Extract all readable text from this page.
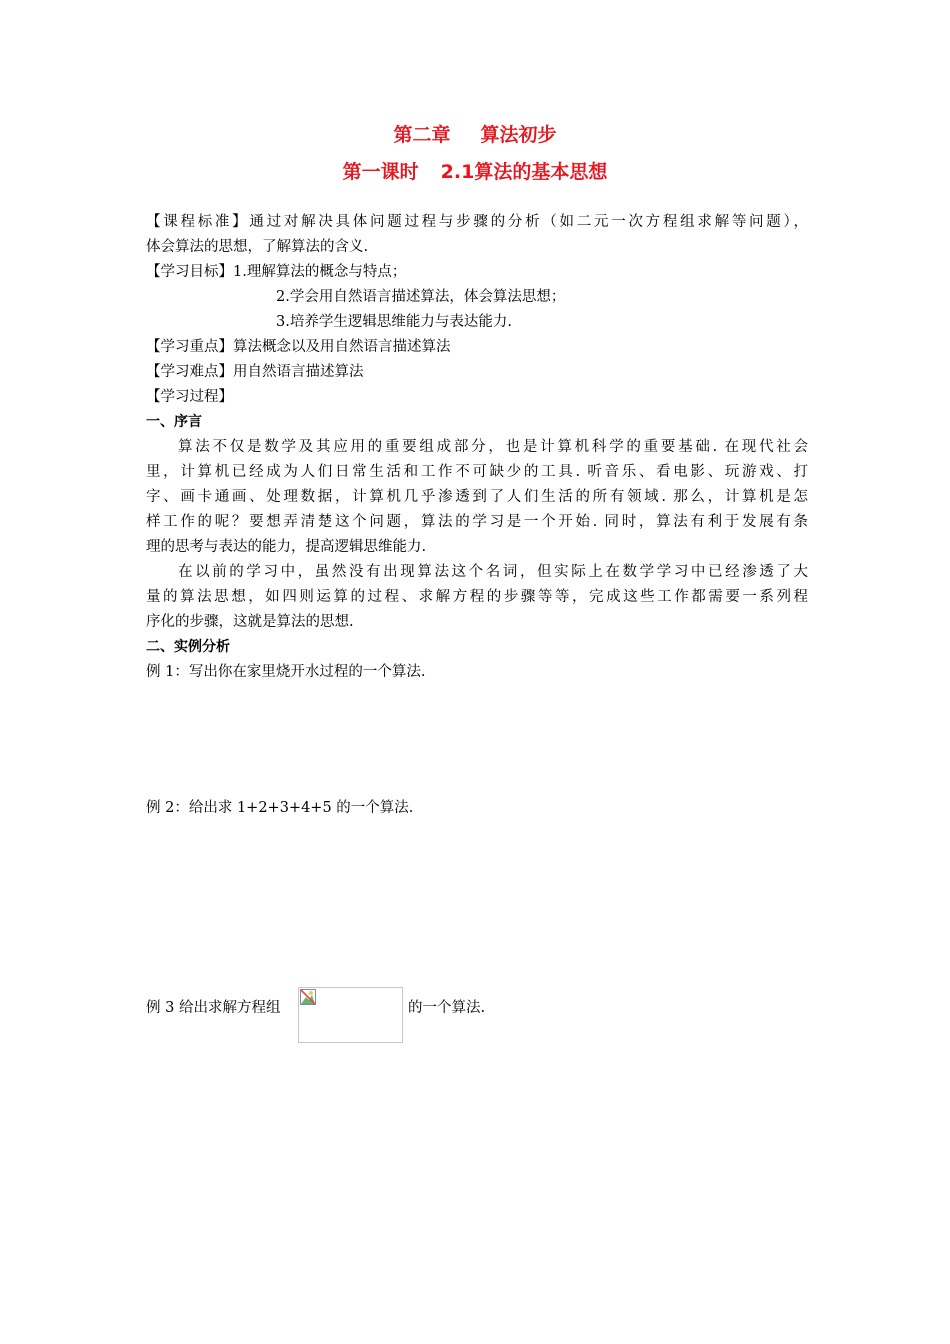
第二章 算法初步
第一课时 2.1算法的基本思想
【课程标准】通过对解决具体问题过程与步骤的分析（如二元一次方程组求解等问题），
体会算法的思想，了解算法的含义.
【学习目标】1.理解算法的概念与特点；
2.学会用自然语言描述算法，体会算法思想；
3.培养学生逻辑思维能力与表达能力.
【学习重点】算法概念以及用自然语言描述算法
【学习难点】用自然语言描述算法
【学习过程】
一、序言
算法不仅是数学及其应用的重要组成部分，也是计算机科学的重要基础. 在现代社会
里，计算机已经成为人们日常生活和工作不可缺少的工具. 听音乐、看电影、玩游戏、打
字、画卡通画、处理数据，计算机几乎渗透到了人们生活的所有领域. 那么，计算机是怎
样工作的呢？要想弄清楚这个问题，算法的学习是一个开始. 同时，算法有利于发展有条
理的思考与表达的能力，提高逻辑思维能力.
在以前的学习中，虽然没有出现算法这个名词，但实际上在数学学习中已经渗透了大
量的算法思想，如四则运算的过程、求解方程的步骤等等，完成这些工作都需要一系列程
序化的步骤，这就是算法的思想.
二、实例分析
例 1：写出你在家里烧开水过程的一个算法.
例 2：给出求 1+2+3+4+5 的一个算法.
例 3 给出求解方程组	的一个算法.
